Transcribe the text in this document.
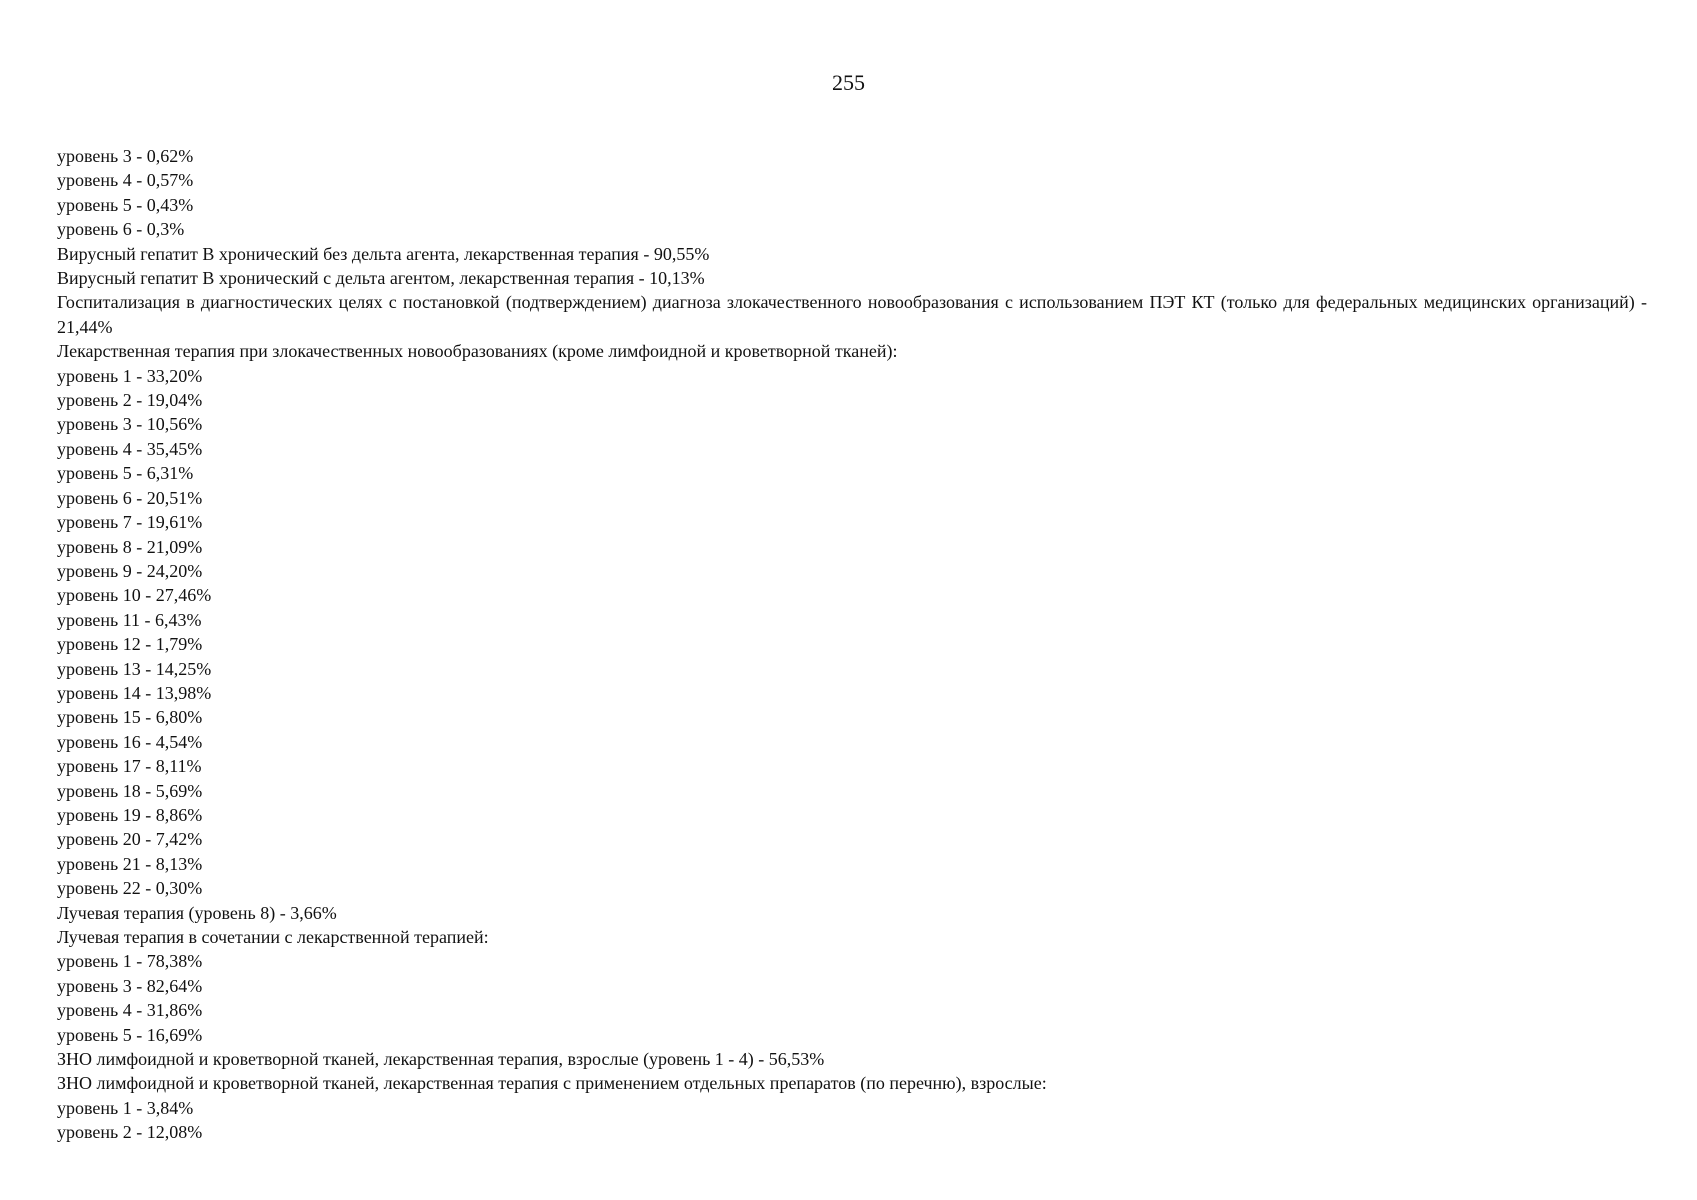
255

уровень 3 - 0,62%

уровень 4 - 0,57%

уровень 5 - 0,43%

уровень 6 - 0,3%

Вирусный гепатит B хронический без дельта агента, лекарственная терапия - 90,55%

Вирусный гепатит B хронический с дельта агентом, лекарственная терапия - 10,13%

Госпитализация в диагностических целях с постановкой (подтверждением) диагноза злокачественного новообразования с использованием ПЭТ КТ (только для федеральных медицинских организаций) - 21,44%

Лекарственная терапия при злокачественных новообразованиях (кроме лимфоидной и кроветворной тканей):

уровень 1 - 33,20%

уровень 2 - 19,04%

уровень 3 - 10,56%

уровень 4 - 35,45%

уровень 5 - 6,31%

уровень 6 - 20,51%

уровень 7 - 19,61%

уровень 8 - 21,09%

уровень 9 - 24,20%

уровень 10 - 27,46%

уровень 11 - 6,43%

уровень 12 - 1,79%

уровень 13 - 14,25%

уровень 14 - 13,98%

уровень 15 - 6,80%

уровень 16 - 4,54%

уровень 17 - 8,11%

уровень 18 - 5,69%

уровень 19 - 8,86%

уровень 20 - 7,42%

уровень 21 - 8,13%

уровень 22 - 0,30%

Лучевая терапия (уровень 8) - 3,66%

Лучевая терапия в сочетании с лекарственной терапией:

уровень 1 - 78,38%

уровень 3 - 82,64%

уровень 4 - 31,86%

уровень 5 - 16,69%

ЗНО лимфоидной и кроветворной тканей, лекарственная терапия, взрослые (уровень 1 - 4) - 56,53%

ЗНО лимфоидной и кроветворной тканей, лекарственная терапия с применением отдельных препаратов (по перечню), взрослые:

уровень 1 - 3,84%

уровень 2 - 12,08%
